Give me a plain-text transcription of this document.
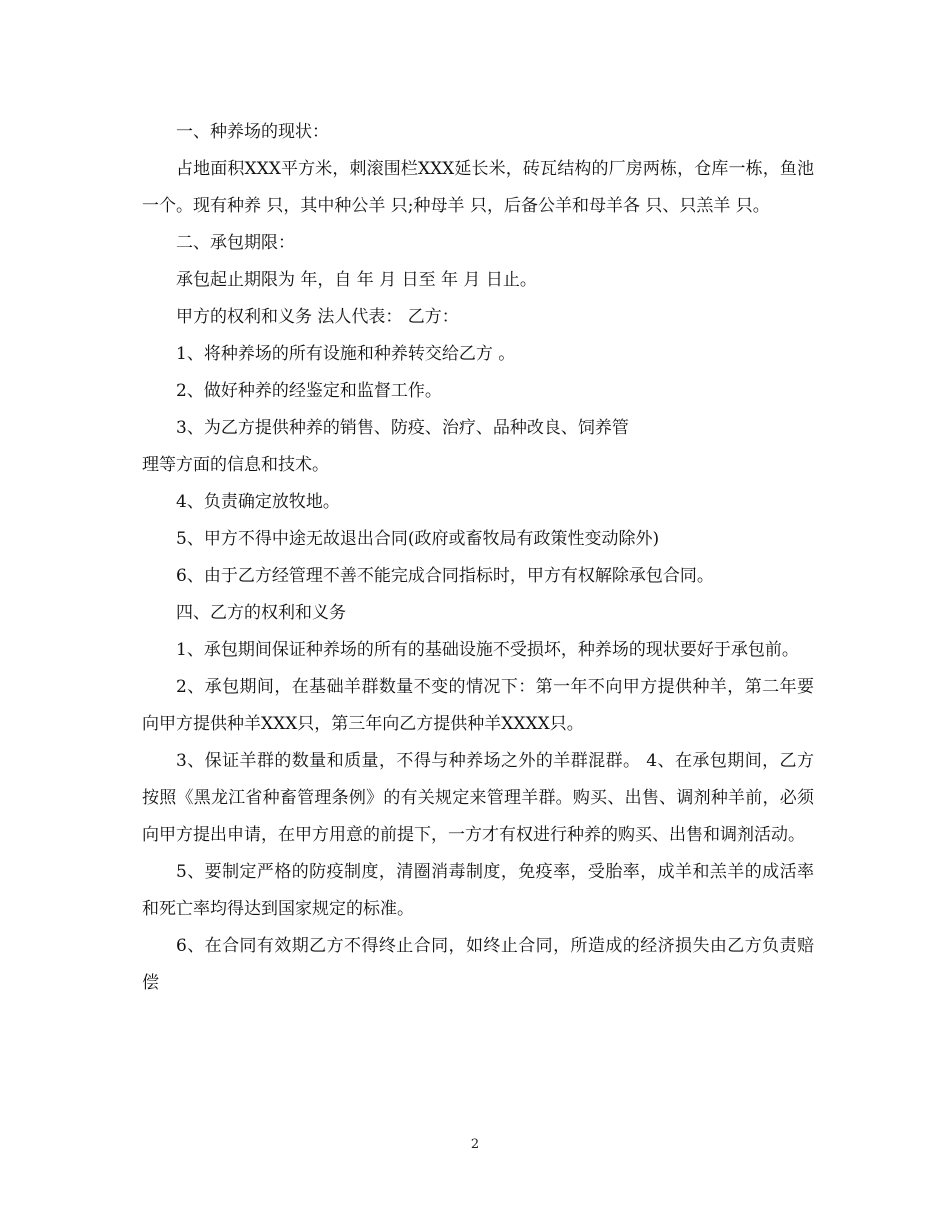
一、种养场的现状：

占地面积XXX平方米，刺滚围栏XXX延长米，砖瓦结构的厂房两栋，仓库一栋，鱼池一个。现有种养 只，其中种公羊 只;种母羊 只，后备公羊和母羊各 只、只羔羊 只。

二、承包期限：

承包起止期限为 年，自 年 月 日至 年 月 日止。

甲方的权利和义务 法人代表： 乙方：

1、将种养场的所有设施和种养转交给乙方 。

2、做好种养的经鉴定和监督工作。

3、为乙方提供种养的销售、防疫、治疗、品种改良、饲养管

理等方面的信息和技术。

4、负责确定放牧地。

5、甲方不得中途无故退出合同(政府或畜牧局有政策性变动除外)

6、由于乙方经管理不善不能完成合同指标时，甲方有权解除承包合同。

四、乙方的权利和义务

1、承包期间保证种养场的所有的基础设施不受损坏，种养场的现状要好于承包前。

2、承包期间，在基础羊群数量不变的情况下：第一年不向甲方提供种羊，第二年要向甲方提供种羊XXX只，第三年向乙方提供种羊XXXX只。

3、保证羊群的数量和质量，不得与种养场之外的羊群混群。 4、在承包期间，乙方按照《黑龙江省种畜管理条例》的有关规定来管理羊群。购买、出售、调剂种羊前，必须向甲方提出申请，在甲方用意的前提下，一方才有权进行种养的购买、出售和调剂活动。

5、要制定严格的防疫制度，清圈消毒制度，免疫率，受胎率，成羊和羔羊的成活率和死亡率均得达到国家规定的标准。

6、在合同有效期乙方不得终止合同，如终止合同，所造成的经济损失由乙方负责赔偿

2
